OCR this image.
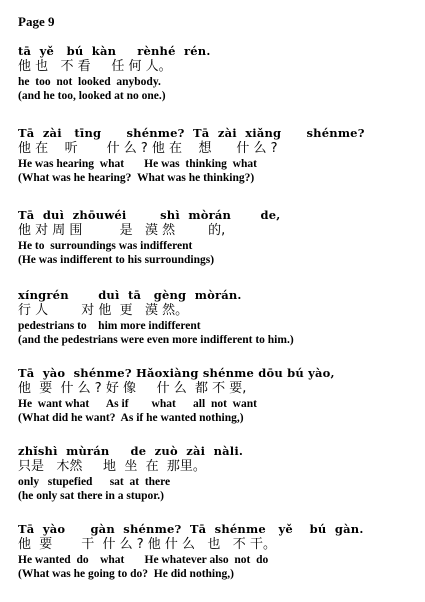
Page 9
tā  yě   bú  kàn     rènhé  rén.
他 也   不 看     任 何 人。
he  too  not  looked  anybody.
(and he too, looked at no one.)
Tā  zài   tīng      shénme?  Tā  zài  xiǎng      shénme?
他 在    听       什 么 ? 他 在    想      什 么 ?
He was hearing  what       He was  thinking  what
(What was he hearing?  What was he thinking?)
Tā  duì  zhōuwéi        shì  mòrán       de,
他 对 周 围         是   漠 然        的,
He to  surroundings was indifferent
(He was indifferent to his surroundings)
xíngrén       duì  tā   gèng  mòrán.
行 人        对 他  更   漠 然。
pedestrians to    him more indifferent
(and the pedestrians were even more indifferent to him.)
Tā  yào  shénme? Hǎoxiàng shénme dōu bú yào,
他  要  什 么 ? 好 像     什 么  都 不 要,
He  want what      As if        what      all  not  want
(What did he want?  As if he wanted nothing,)
zhǐshì  mùrán     de  zuò  zài  nàli.
只是   木然     地  坐  在  那里。
only   stupefied      sat  at  there
(he only sat there in a stupor.)
Tā  yào      gàn  shénme?  Tā  shénme   yě    bú  gàn.
他  要       干  什 么 ? 他 什 么   也   不 干。
He wanted  do    what       He whatever also  not  do
(What was he going to do?  He did nothing,)
